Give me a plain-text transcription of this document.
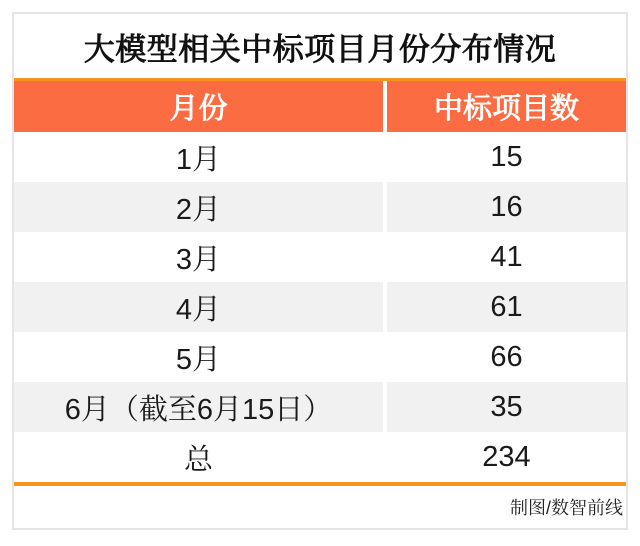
大模型相关中标项目月份分布情况
月份	中标项目数
1月	15
2月	16
3月	41
4月	61
5月	66
6月（截至6月15日）	35
总	234
制图/数智前线
